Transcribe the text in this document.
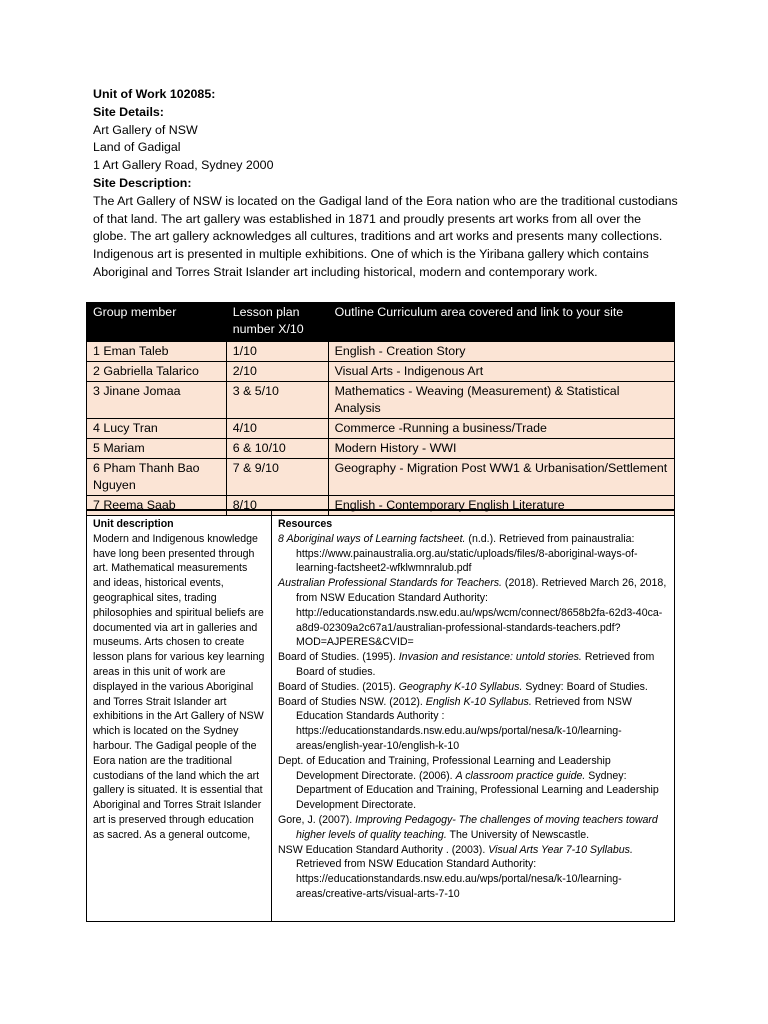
Unit of Work 102085:

Site Details:

Art Gallery of NSW

Land of Gadigal

1 Art Gallery Road, Sydney 2000

Site Description:

The Art Gallery of NSW is located on the Gadigal land of the Eora nation who are the traditional custodians of that land. The art gallery was established in 1871 and proudly presents art works from all over the globe. The art gallery acknowledges all cultures, traditions and art works and presents many collections. Indigenous art is presented in multiple exhibitions. One of which is the Yiribana gallery which contains Aboriginal and Torres Strait Islander art including historical, modern and contemporary work.

Group member	Lesson plan number X/10	Outline Curriculum area covered and link to your site
1 Eman Taleb	1/10	English - Creation Story
2 Gabriella Talarico	2/10	Visual Arts - Indigenous Art
3 Jinane Jomaa	3 & 5/10	Mathematics - Weaving (Measurement) & Statistical Analysis
4 Lucy Tran	4/10	Commerce -Running a business/Trade
5 Mariam	6 & 10/10	Modern History - WWI
6 Pham Thanh Bao Nguyen	7 & 9/10	Geography - Migration Post WW1 & Urbanisation/Settlement
7 Reema Saab	8/10	English - Contemporary English Literature
Unit description
Modern and Indigenous knowledge have long been presented through art. Mathematical measurements and ideas, historical events, geographical sites, trading philosophies and spiritual beliefs are documented via art in galleries and museums. Arts chosen to create lesson plans for various key learning areas in this unit of work are displayed in the various Aboriginal and Torres Strait Islander art exhibitions in the Art Gallery of NSW which is located on the Sydney harbour. The Gadigal people of the Eora nation are the traditional custodians of the land which the art gallery is situated. It is essential that Aboriginal and Torres Strait Islander art is preserved through education as sacred. As a general outcome,
Resources

8 Aboriginal ways of Learning factsheet. (n.d.). Retrieved from painaustralia: https://www.painaustralia.org.au/static/uploads/files/8-aboriginal-ways-of-learning-factsheet2-wfklwmnralub.pdf

Australian Professional Standards for Teachers. (2018). Retrieved March 26, 2018, from NSW Education Standard Authority: http://educationstandards.nsw.edu.au/wps/wcm/connect/8658b2fa-62d3-40ca-a8d9-02309a2c67a1/australian-professional-standards-teachers.pdf?MOD=AJPERES&CVID=

Board of Studies. (1995). Invasion and resistance: untold stories. Retrieved from Board of studies.

Board of Studies. (2015). Geography K-10 Syllabus. Sydney: Board of Studies.

Board of Studies NSW. (2012). English K-10 Syllabus. Retrieved from NSW Education Standards Authority : https://educationstandards.nsw.edu.au/wps/portal/nesa/k-10/learning-areas/english-year-10/english-k-10

Dept. of Education and Training, Professional Learning and Leadership Development Directorate. (2006). A classroom practice guide. Sydney: Department of Education and Training, Professional Learning and Leadership Development Directorate.

Gore, J. (2007). Improving Pedagogy- The challenges of moving teachers toward higher levels of quality teaching. The University of Newscastle.

NSW Education Standard Authority . (2003). Visual Arts Year 7-10 Syllabus. Retrieved from NSW Education Standard Authority: https://educationstandards.nsw.edu.au/wps/portal/nesa/k-10/learning-areas/creative-arts/visual-arts-7-10
